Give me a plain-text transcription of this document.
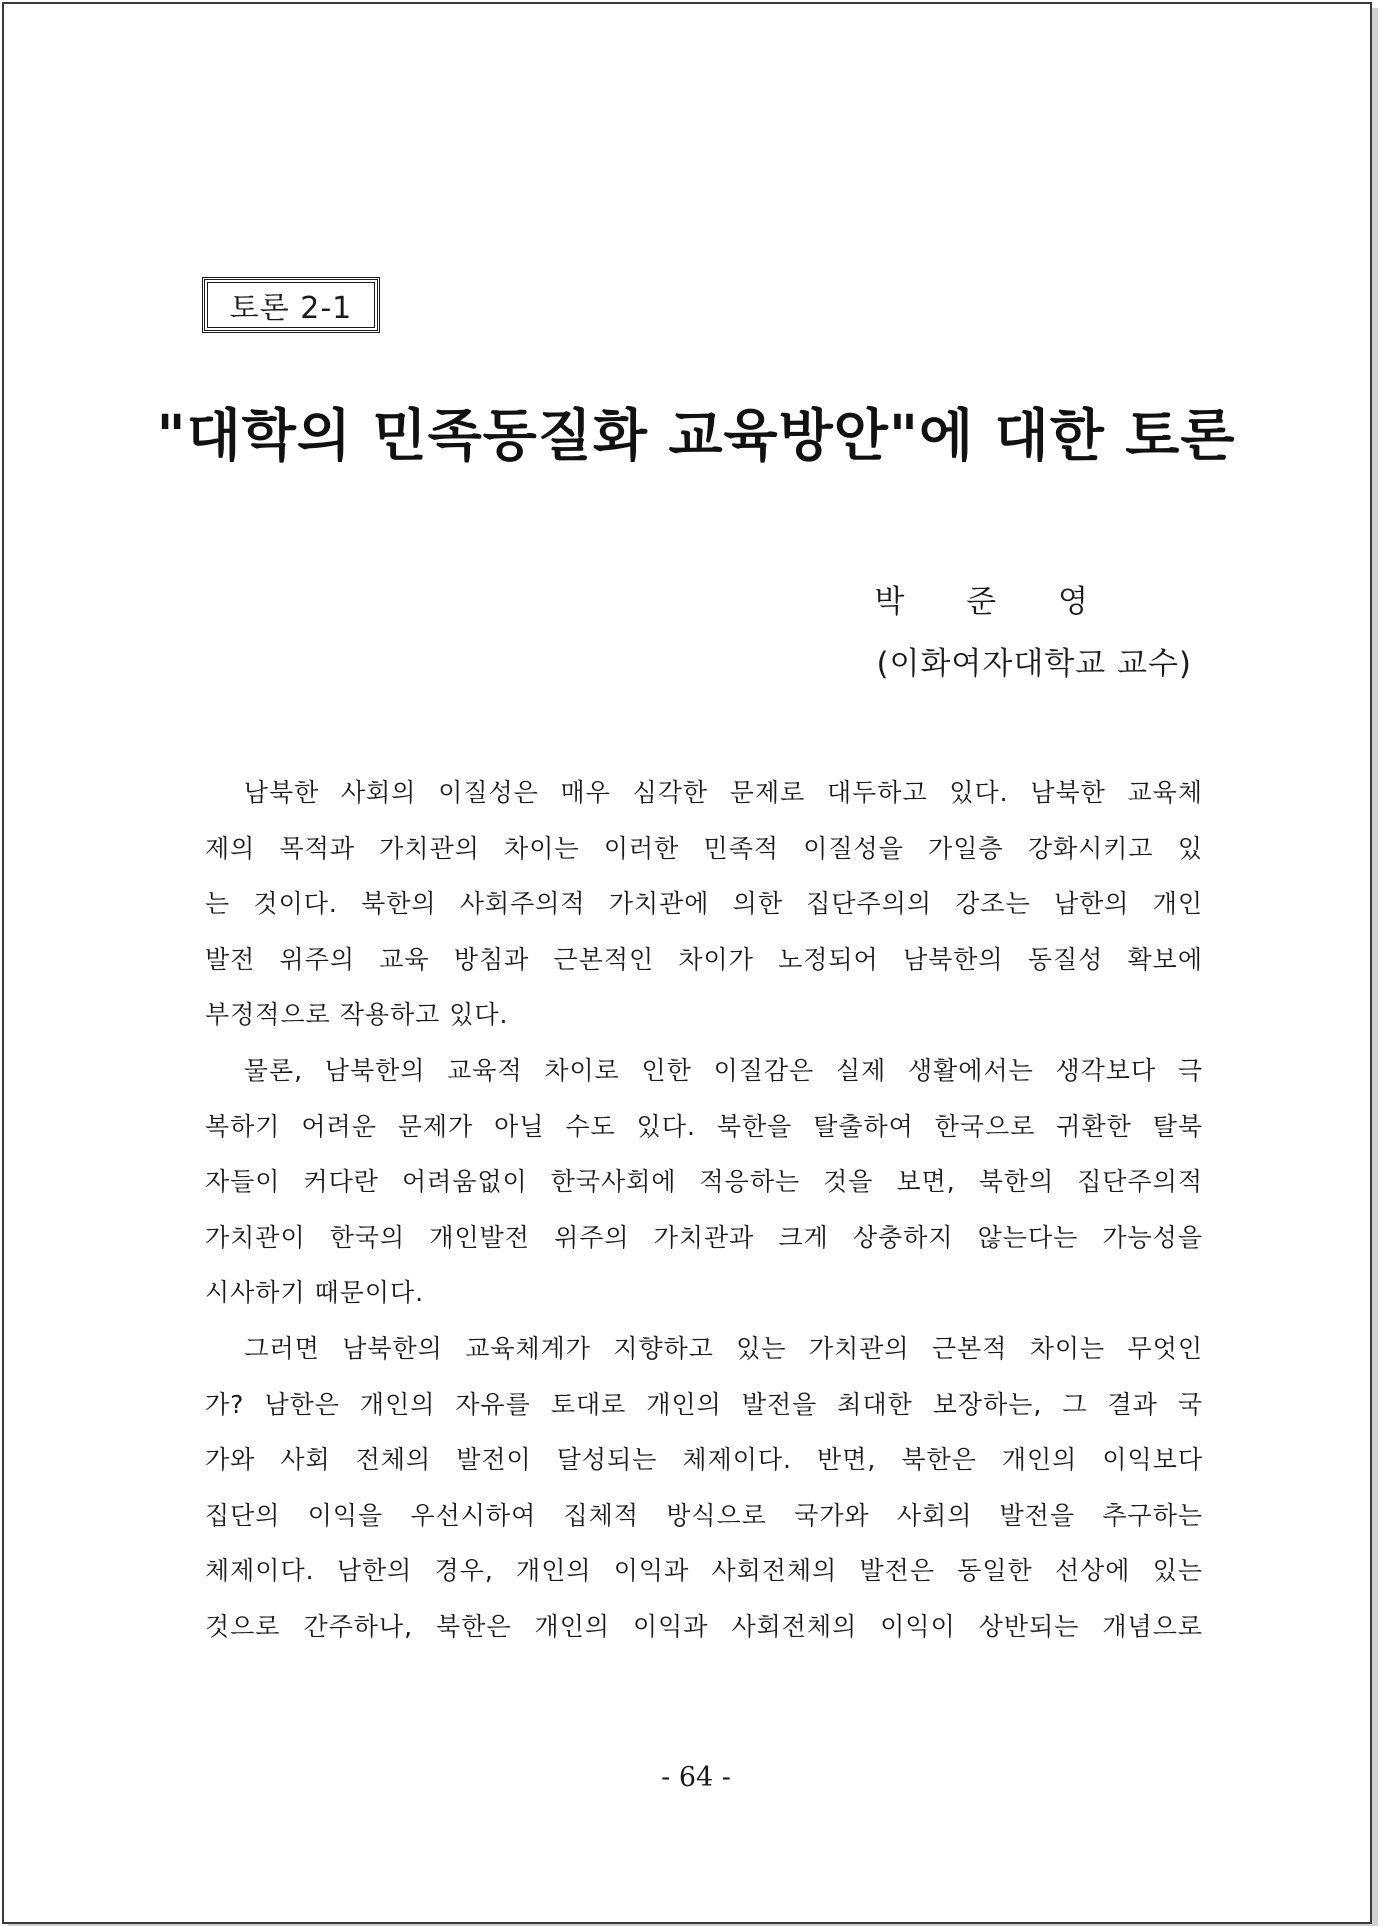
토론 2-1
"대학의 민족동질화 교육방안"에 대한 토론
박 준 영
(이화여자대학교 교수)
　남북한 사회의 이질성은 매우 심각한 문제로 대두하고 있다. 남북한 교육체
제의 목적과 가치관의 차이는 이러한 민족적 이질성을 가일층 강화시키고 있
는 것이다. 북한의 사회주의적 가치관에 의한 집단주의의 강조는 남한의 개인
발전 위주의 교육 방침과 근본적인 차이가 노정되어 남북한의 동질성 확보에
부정적으로 작용하고 있다.
　물론, 남북한의 교육적 차이로 인한 이질감은 실제 생활에서는 생각보다 극
복하기 어려운 문제가 아닐 수도 있다. 북한을 탈출하여 한국으로 귀환한 탈북
자들이 커다란 어려움없이 한국사회에 적응하는 것을 보면, 북한의 집단주의적
가치관이 한국의 개인발전 위주의 가치관과 크게 상충하지 않는다는 가능성을
시사하기 때문이다.
　그러면 남북한의 교육체계가 지향하고 있는 가치관의 근본적 차이는 무엇인
가? 남한은 개인의 자유를 토대로 개인의 발전을 최대한 보장하는, 그 결과 국
가와 사회 전체의 발전이 달성되는 체제이다. 반면, 북한은 개인의 이익보다
집단의 이익을 우선시하여 집체적 방식으로 국가와 사회의 발전을 추구하는
체제이다. 남한의 경우, 개인의 이익과 사회전체의 발전은 동일한 선상에 있는
것으로 간주하나, 북한은 개인의 이익과 사회전체의 이익이 상반되는 개념으로
- 64 -
